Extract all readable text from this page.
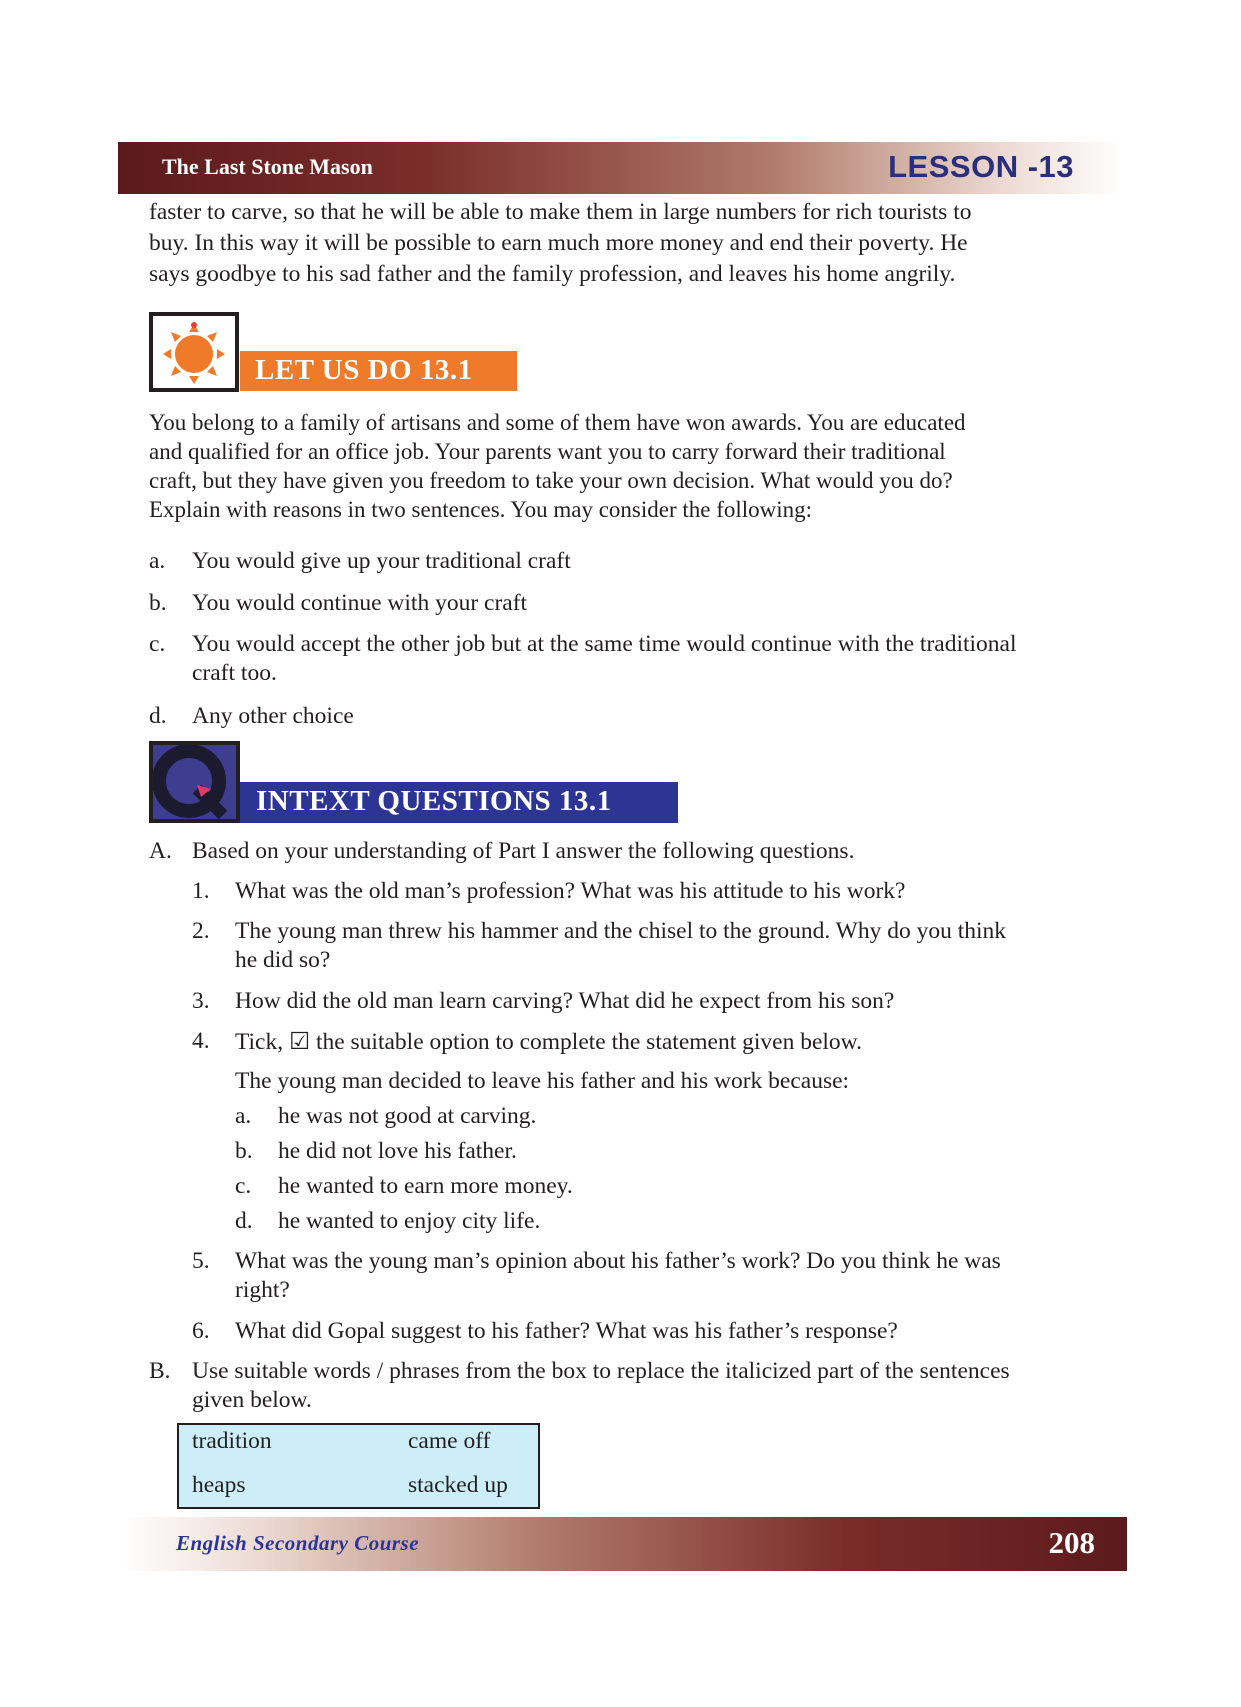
The Last Stone Mason	LESSON -13
faster to carve, so that he will be able to make them in large numbers for rich tourists to
buy. In this way it will be possible to earn much more money and end their poverty. He
says goodbye to his sad father and the family profession, and leaves his home angrily.
LET US DO 13.1
You belong to a family of artisans and some of them have won awards. You are educated
and qualified for an office job. Your parents want you to carry forward their traditional
craft, but they have given you freedom to take your own decision. What would you do?
Explain with reasons in two sentences. You may consider the following:
a. You would give up your traditional craft
b. You would continue with your craft
c. You would accept the other job but at the same time would continue with the traditional
craft too.
d. Any other choice
INTEXT QUESTIONS 13.1
A. Based on your understanding of Part I answer the following questions.
1. What was the old man’s profession? What was his attitude to his work?
2. The young man threw his hammer and the chisel to the ground. Why do you think
he did so?
3. How did the old man learn carving? What did he expect from his son?
4. Tick, ☑ the suitable option to complete the statement given below.
The young man decided to leave his father and his work because:
a. he was not good at carving.
b. he did not love his father.
c. he wanted to earn more money.
d. he wanted to enjoy city life.
5. What was the young man’s opinion about his father’s work? Do you think he was
right?
6. What did Gopal suggest to his father? What was his father’s response?
B. Use suitable words / phrases from the box to replace the italicized part of the sentences
given below.
tradition	came off
heaps	stacked up
English Secondary Course	208
